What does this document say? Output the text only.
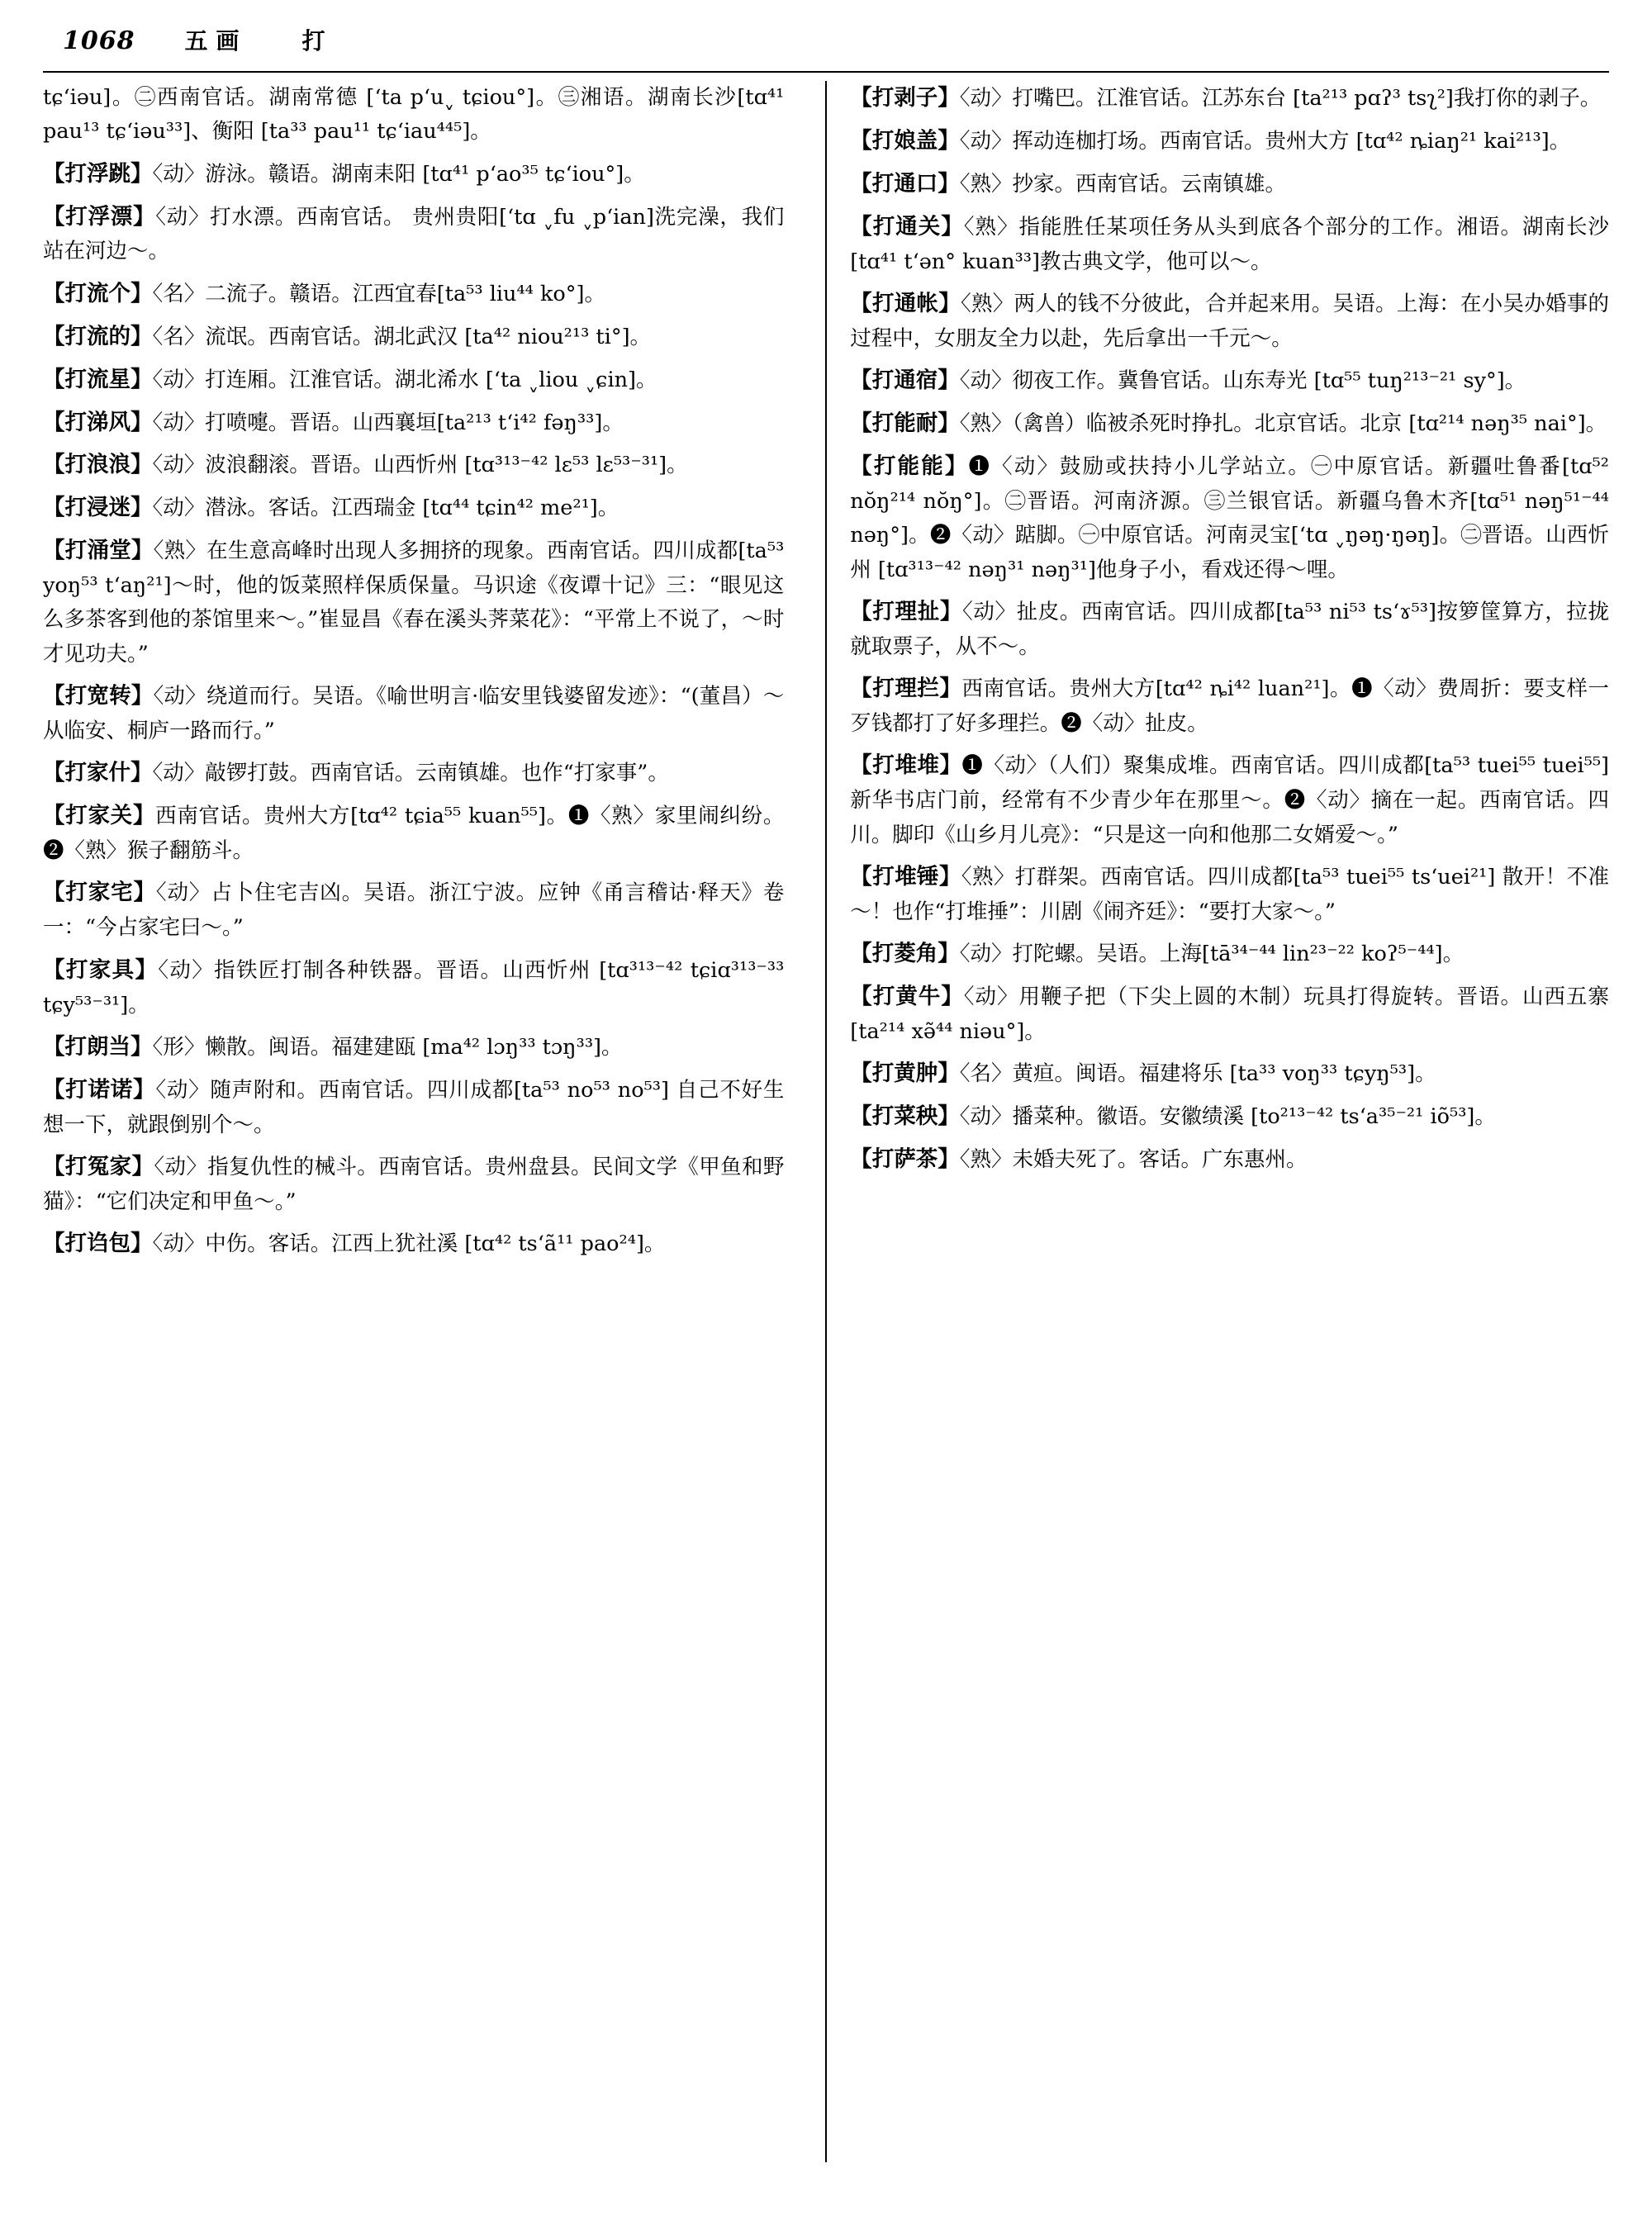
1068 五画 打
tɕ‘iəu]。㊁西南官话。湖南常德 [‘ta p‘uˬ tɕiou°]。㊂湘语。湖南长沙[tɑ⁴¹ pau¹³ tɕ‘iəu³³]、衡阳 [ta³³ pau¹¹ tɕ‘iau⁴⁴⁵]。
【打浮跳】〈动〉游泳。赣语。湖南耒阳 [tɑ⁴¹ p‘ao³⁵ tɕ‘iou°]。
【打浮漂】〈动〉打水漂。西南官话。 贵州贵阳[‘tɑ ˬfu ˬp‘ian]洗完澡，我们站在河边～。
【打流个】〈名〉二流子。赣语。江西宜春[ta⁵³ liu⁴⁴ ko°]。
【打流的】〈名〉流氓。西南官话。湖北武汉 [ta⁴² niou²¹³ ti°]。
【打流星】〈动〉打连厢。江淮官话。湖北浠水 [‘ta ˬliou ˬɕin]。
【打涕风】〈动〉打喷嚏。晋语。山西襄垣[ta²¹³ t‘i⁴² fəŋ³³]。
【打浪浪】〈动〉波浪翻滚。晋语。山西忻州 [tɑ³¹³⁻⁴² lɛ⁵³ lɛ⁵³⁻³¹]。
【打浸迷】〈动〉潜泳。客话。江西瑞金 [tɑ⁴⁴ tɕin⁴² me²¹]。
【打涌堂】〈熟〉在生意高峰时出现人多拥挤的现象。西南官话。四川成都[ta⁵³ yoŋ⁵³ t‘aŋ²¹]～时，他的饭菜照样保质保量。马识途《夜谭十记》三：“眼见这么多茶客到他的茶馆里来～。”崔显昌《春在溪头荠菜花》：“平常上不说了，～时才见功夫。”
【打宽转】〈动〉绕道而行。吴语。《喻世明言·临安里钱婆留发迹》：“(董昌）～从临安、桐庐一路而行。”
【打家什】〈动〉敲锣打鼓。西南官话。云南镇雄。也作“打家事”。
【打家关】西南官话。贵州大方[tɑ⁴² tɕia⁵⁵ kuan⁵⁵]。❶〈熟〉家里闹纠纷。❷〈熟〉猴子翻筋斗。
【打家宅】〈动〉占卜住宅吉凶。吴语。浙江宁波。应钟《甬言稽诂·释天》卷一：“今占家宅曰～。”
【打家具】〈动〉指铁匠打制各种铁器。晋语。山西忻州 [tɑ³¹³⁻⁴² tɕiɑ³¹³⁻³³ tɕy⁵³⁻³¹]。
【打朗当】〈形〉懒散。闽语。福建建瓯 [ma⁴² lɔŋ³³ tɔŋ³³]。
【打诺诺】〈动〉随声附和。西南官话。四川成都[ta⁵³ no⁵³ no⁵³] 自己不好生想一下，就跟倒别个～。
【打冤家】〈动〉指复仇性的械斗。西南官话。贵州盘县。民间文学《甲鱼和野猫》：“它们决定和甲鱼～。”
【打诌包】〈动〉中伤。客话。江西上犹社溪 [tɑ⁴² ts‘ã¹¹ pao²⁴]。
【打剥子】〈动〉打嘴巴。江淮官话。江苏东台 [ta²¹³ pɑʔ³ tsʅ²]我打你的剥子。
【打娘盖】〈动〉挥动连枷打场。西南官话。贵州大方 [tɑ⁴² ȵiaŋ²¹ kai²¹³]。
【打通口】〈熟〉抄家。西南官话。云南镇雄。
【打通关】〈熟〉指能胜任某项任务从头到底各个部分的工作。湘语。湖南长沙[tɑ⁴¹ t‘ən° kuan³³]教古典文学，他可以～。
【打通帐】〈熟〉两人的钱不分彼此，合并起来用。吴语。上海：在小吴办婚事的过程中，女朋友全力以赴，先后拿出一千元～。
【打通宿】〈动〉彻夜工作。冀鲁官话。山东寿光 [tɑ⁵⁵ tuŋ²¹³⁻²¹ sy°]。
【打能耐】〈熟〉（禽兽）临被杀死时挣扎。北京官话。北京 [tɑ²¹⁴ nəŋ³⁵ nai°]。
【打能能】❶〈动〉鼓励或扶持小儿学站立。㊀中原官话。新疆吐鲁番[tɑ⁵² nŏŋ²¹⁴ nŏŋ°]。㊁晋语。河南济源。㊂兰银官话。新疆乌鲁木齐[tɑ⁵¹ nəŋ⁵¹⁻⁴⁴ nəŋ°]。❷〈动〉踮脚。㊀中原官话。河南灵宝[‘tɑ ˬŋəŋ·ŋəŋ]。㊁晋语。山西忻州 [tɑ³¹³⁻⁴² nəŋ³¹ nəŋ³¹]他身子小，看戏还得～哩。
【打理扯】〈动〉扯皮。西南官话。四川成都[ta⁵³ ni⁵³ ts‘ɤ⁵³]按箩筐算方，拉拢就取票子，从不～。
【打理拦】西南官话。贵州大方[tɑ⁴² ȵi⁴² luan²¹]。❶〈动〉费周折：要支样一歹钱都打了好多理拦。❷〈动〉扯皮。
【打堆堆】❶〈动〉（人们）聚集成堆。西南官话。四川成都[ta⁵³ tuei⁵⁵ tuei⁵⁵]新华书店门前，经常有不少青少年在那里～。❷〈动〉摘在一起。西南官话。四川。脚印《山乡月儿亮》：“只是这一向和他那二女婿爱～。”
【打堆锤】〈熟〉打群架。西南官话。四川成都[ta⁵³ tuei⁵⁵ ts‘uei²¹] 散开！不准～！也作“打堆捶”：川剧《闹齐廷》：“要打大家～。”
【打菱角】〈动〉打陀螺。吴语。上海[tā³⁴⁻⁴⁴ lin²³⁻²² koʔ⁵⁻⁴⁴]。
【打黄牛】〈动〉用鞭子把（下尖上圆的木制）玩具打得旋转。晋语。山西五寨 [ta²¹⁴ xə̃⁴⁴ niəu°]。
【打黄肿】〈名〉黄疸。闽语。福建将乐 [ta³³ voŋ³³ tɕyŋ⁵³]。
【打菜秧】〈动〉播菜种。徽语。安徽绩溪 [to²¹³⁻⁴² ts‘a³⁵⁻²¹ iõ⁵³]。
【打萨茶】〈熟〉未婚夫死了。客话。广东惠州。
